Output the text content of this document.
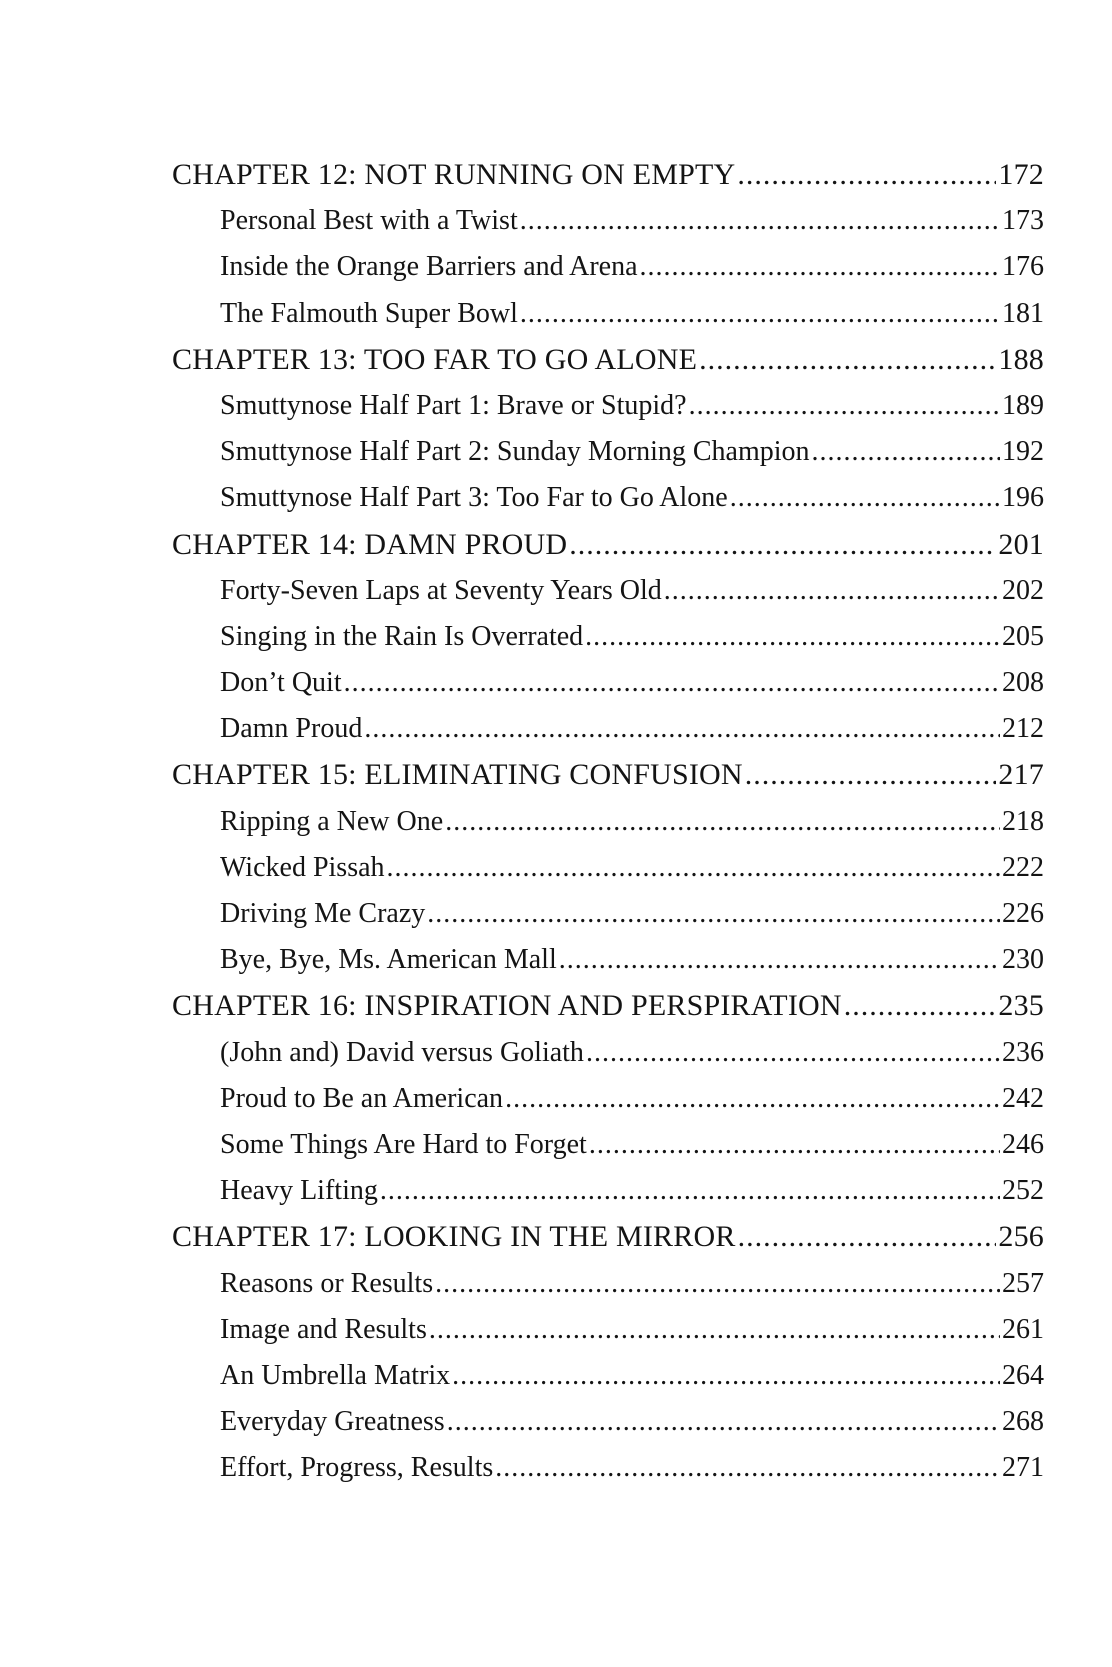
CHAPTER 12: NOT RUNNING ON EMPTY .....	172
Personal Best with a Twist .....	173
Inside the Orange Barriers and Arena .....	176
The Falmouth Super Bowl .....	181
CHAPTER 13: TOO FAR TO GO ALONE .....	188
Smuttynose Half Part 1: Brave or Stupid? .....	189
Smuttynose Half Part 2: Sunday Morning Champion .....	192
Smuttynose Half Part 3: Too Far to Go Alone .....	196
CHAPTER 14: DAMN PROUD .....	201
Forty-Seven Laps at Seventy Years Old .....	202
Singing in the Rain Is Overrated .....	205
Don’t Quit .....	208
Damn Proud .....	212
CHAPTER 15: ELIMINATING CONFUSION .....	217
Ripping a New One .....	218
Wicked Pissah .....	222
Driving Me Crazy .....	226
Bye, Bye, Ms. American Mall .....	230
CHAPTER 16: INSPIRATION AND PERSPIRATION .....	235
(John and) David versus Goliath .....	236
Proud to Be an American .....	242
Some Things Are Hard to Forget .....	246
Heavy Lifting .....	252
CHAPTER 17: LOOKING IN THE MIRROR .....	256
Reasons or Results .....	257
Image and Results .....	261
An Umbrella Matrix .....	264
Everyday Greatness .....	268
Effort, Progress, Results .....	271
